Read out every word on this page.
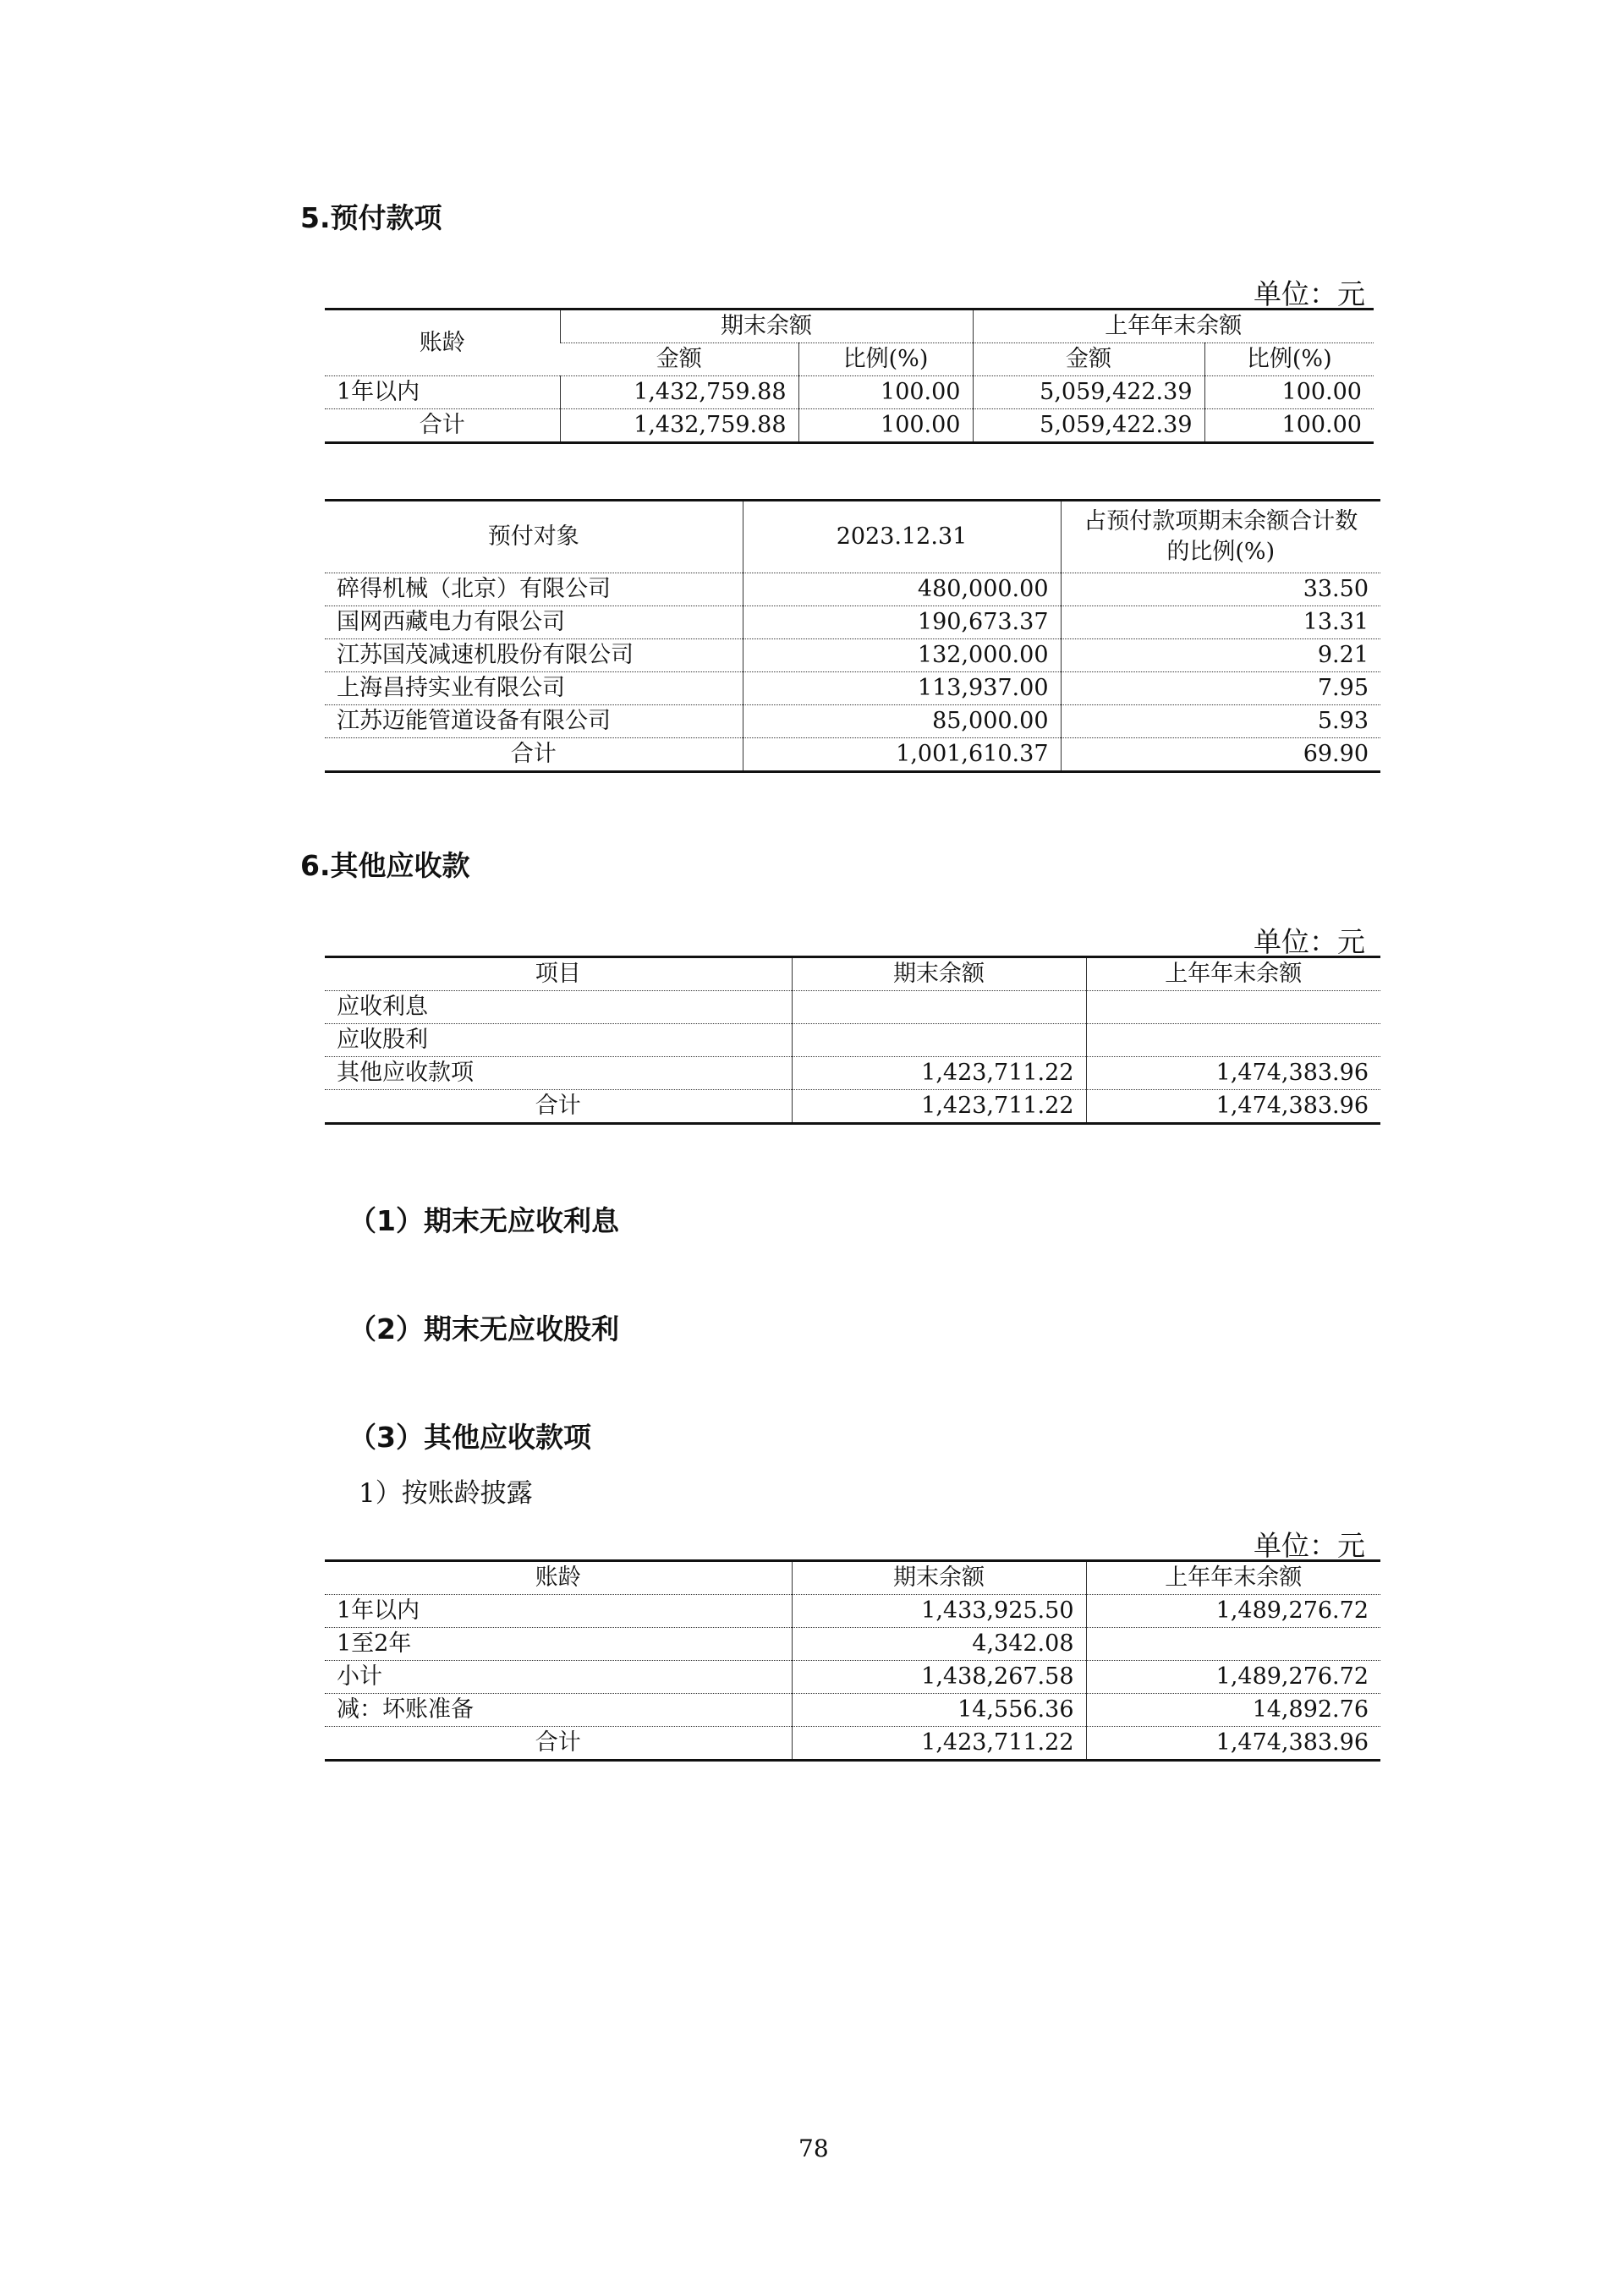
5.预付款项
单位：元
账龄	期末余额		上年年末余额	
	金额	比例(%)	金额	比例(%)
1年以内	1,432,759.88	100.00	5,059,422.39	100.00
合计	1,432,759.88	100.00	5,059,422.39	100.00
预付对象	2023.12.31	占预付款项期末余额合计数的比例(%)
碎得机械（北京）有限公司	480,000.00	33.50
国网西藏电力有限公司	190,673.37	13.31
江苏国茂减速机股份有限公司	132,000.00	9.21
上海昌持实业有限公司	113,937.00	7.95
江苏迈能管道设备有限公司	85,000.00	5.93
合计	1,001,610.37	69.90
6.其他应收款
单位：元
项目	期末余额	上年年末余额
应收利息		
应收股利		
其他应收款项	1,423,711.22	1,474,383.96
合计	1,423,711.22	1,474,383.96
（1）期末无应收利息
（2）期末无应收股利
（3）其他应收款项
1）按账龄披露
单位：元
账龄	期末余额	上年年末余额
1年以内	1,433,925.50	1,489,276.72
1至2年	4,342.08	
小计	1,438,267.58	1,489,276.72
减：坏账准备	14,556.36	14,892.76
合计	1,423,711.22	1,474,383.96
78
